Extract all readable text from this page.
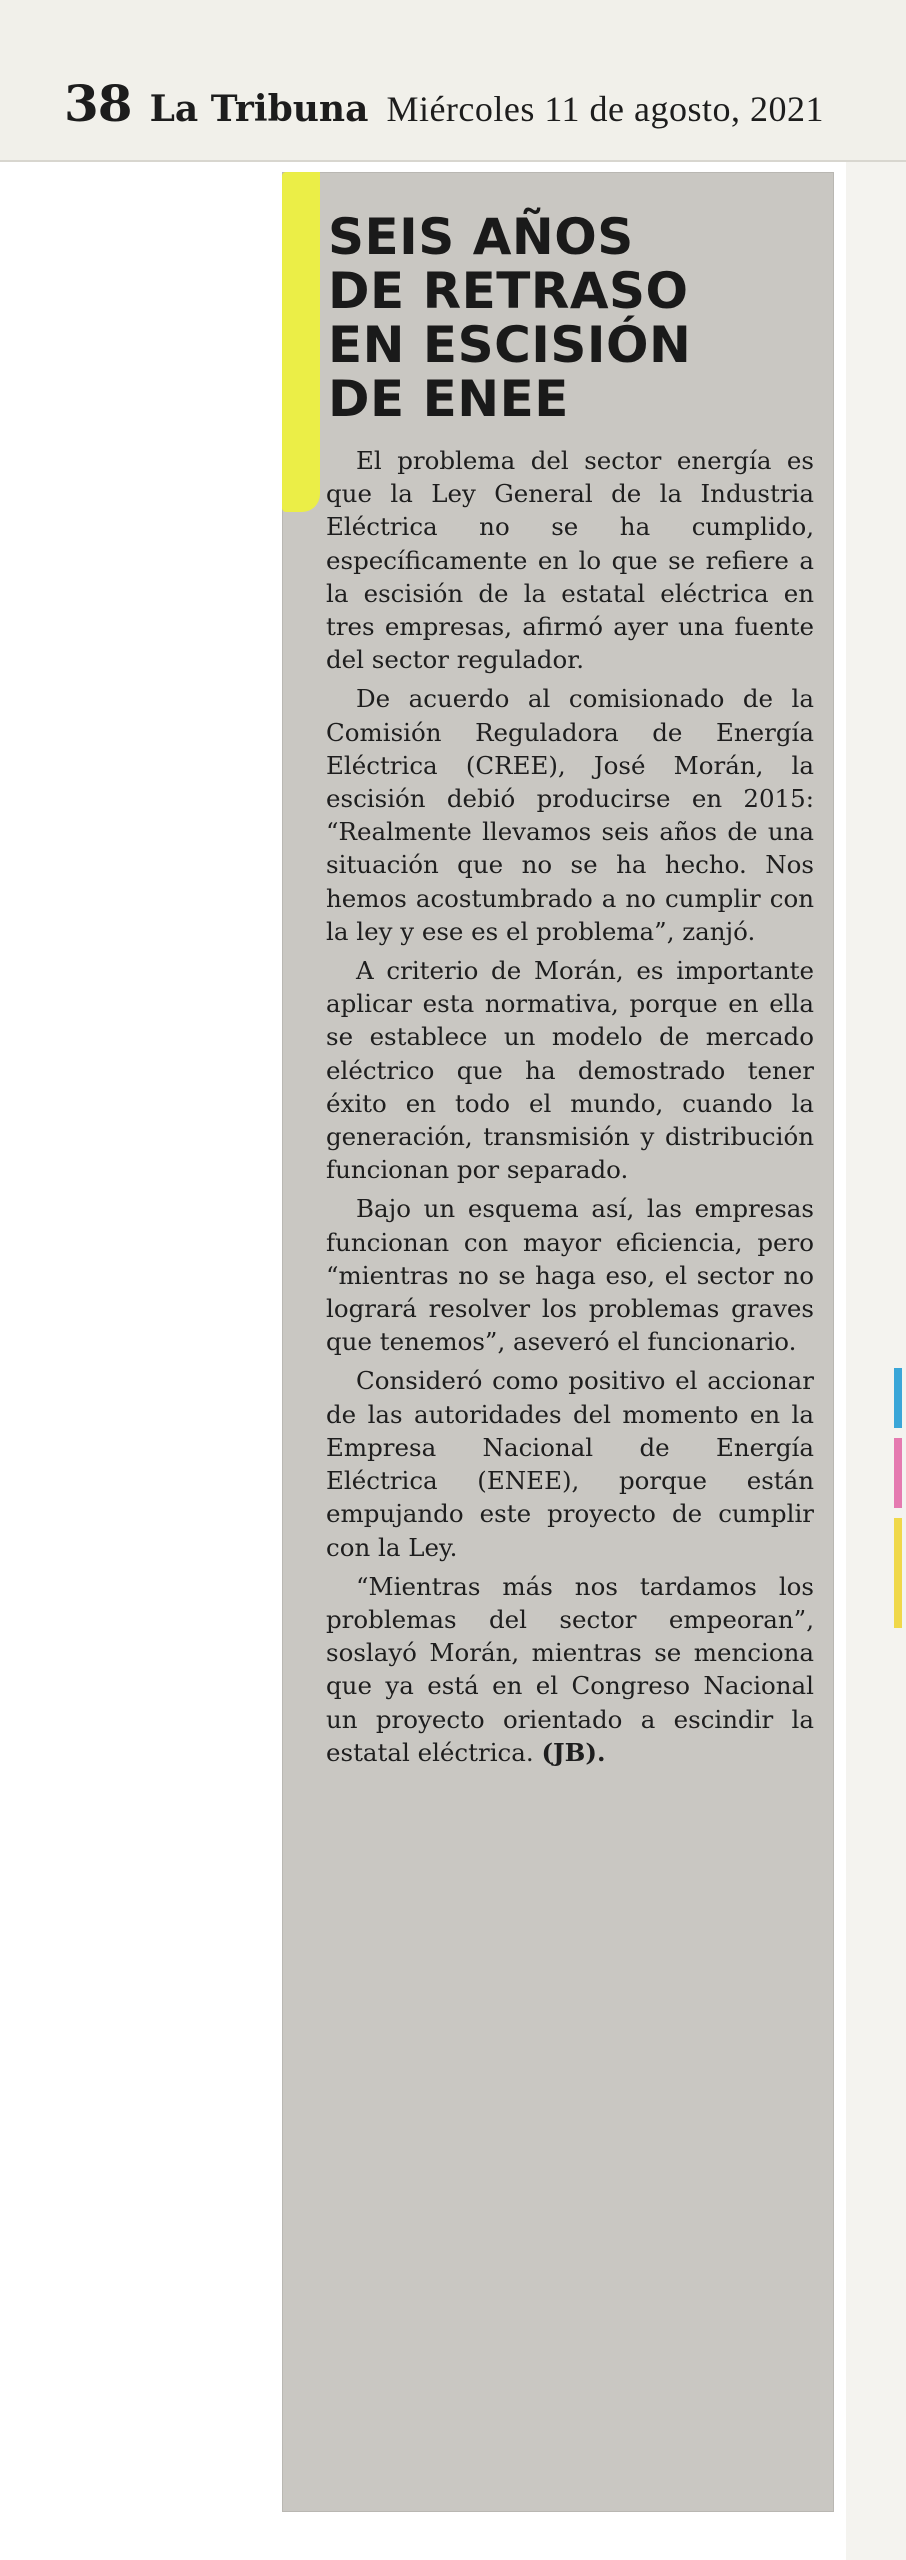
38 La Tribuna Miércoles 11 de agosto, 2021
SEIS AÑOS
DE RETRASO
EN ESCISIÓN
DE ENEE

El problema del sector energía es que la Ley General de la Industria Eléctrica no se ha cumplido, específicamente en lo que se refiere a la escisión de la estatal eléctrica en tres empresas, afirmó ayer una fuente del sector regulador.

De acuerdo al comisionado de la Comisión Reguladora de Energía Eléctrica (CREE), José Morán, la escisión debió producirse en 2015: “Realmente llevamos seis años de una situación que no se ha hecho. Nos hemos acostumbrado a no cumplir con la ley y ese es el problema”, zanjó.

A criterio de Morán, es importante aplicar esta normativa, porque en ella se establece un modelo de mercado eléctrico que ha demostrado tener éxito en todo el mundo, cuando la generación, transmisión y distribución funcionan por separado.

Bajo un esquema así, las empresas funcionan con mayor eficiencia, pero “mientras no se haga eso, el sector no logrará resolver los problemas graves que tenemos”, aseveró el funcionario.

Consideró como positivo el accionar de las autoridades del momento en la Empresa Nacional de Energía Eléctrica (ENEE), porque están empujando este proyecto de cumplir con la Ley.

“Mientras más nos tardamos los problemas del sector empeoran”, soslayó Morán, mientras se menciona que ya está en el Congreso Nacional un proyecto orientado a escindir la estatal eléctrica. (JB).
